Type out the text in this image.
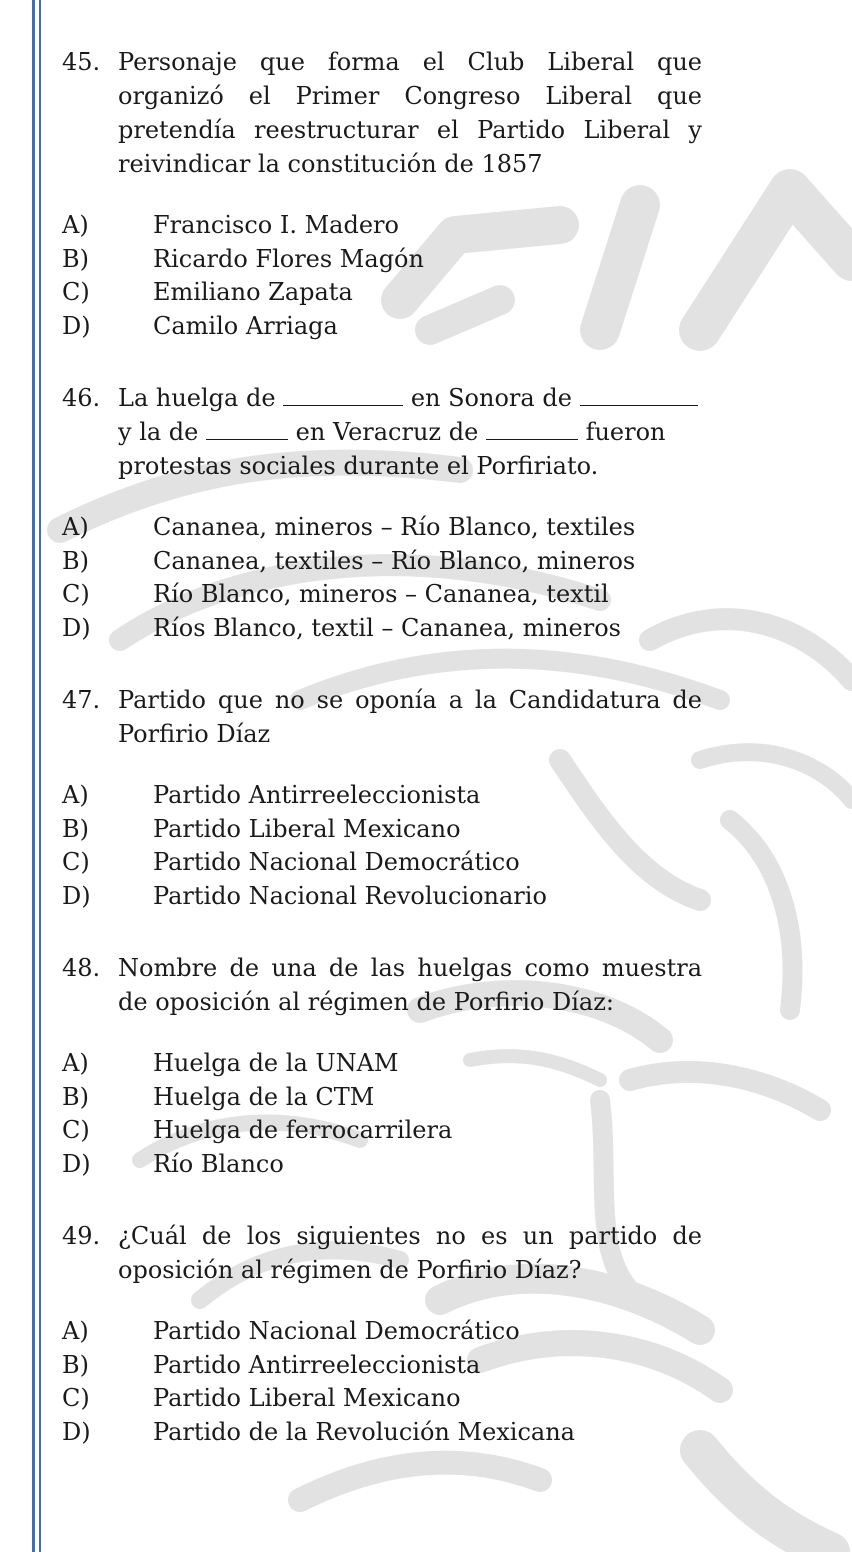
45. Personaje que forma el Club Liberal que organizó el Primer Congreso Liberal que pretendía reestructurar el Partido Liberal y reivindicar la constitución de 1857
A)	Francisco I. Madero
B)	Ricardo Flores Magón
C)	Emiliano Zapata
D)	Camilo Arriaga
46. La huelga de	en Sonora de  y la de	en Veracruz de	fueron protestas sociales durante el Porfiriato.
A)	Cananea, mineros – Río Blanco, textiles
B)	Cananea, textiles – Río Blanco, mineros
C)	Río Blanco, mineros – Cananea, textil
D)	Ríos Blanco, textil – Cananea, mineros
47. Partido que no se oponía a la Candidatura de Porfirio Díaz
A)	Partido Antirreeleccionista
B)	Partido Liberal Mexicano
C)	Partido Nacional Democrático
D)	Partido Nacional Revolucionario
48. Nombre de una de las huelgas como muestra de oposición al régimen de Porfirio Díaz:
A)	Huelga de la UNAM
B)	Huelga de la CTM
C)	Huelga de ferrocarrilera
D)	Río Blanco
49. ¿Cuál de los siguientes no es un partido de oposición al régimen de Porfirio Díaz?
A)	Partido Nacional Democrático
B)	Partido Antirreeleccionista
C)	Partido Liberal Mexicano
D)	Partido de la Revolución Mexicana
